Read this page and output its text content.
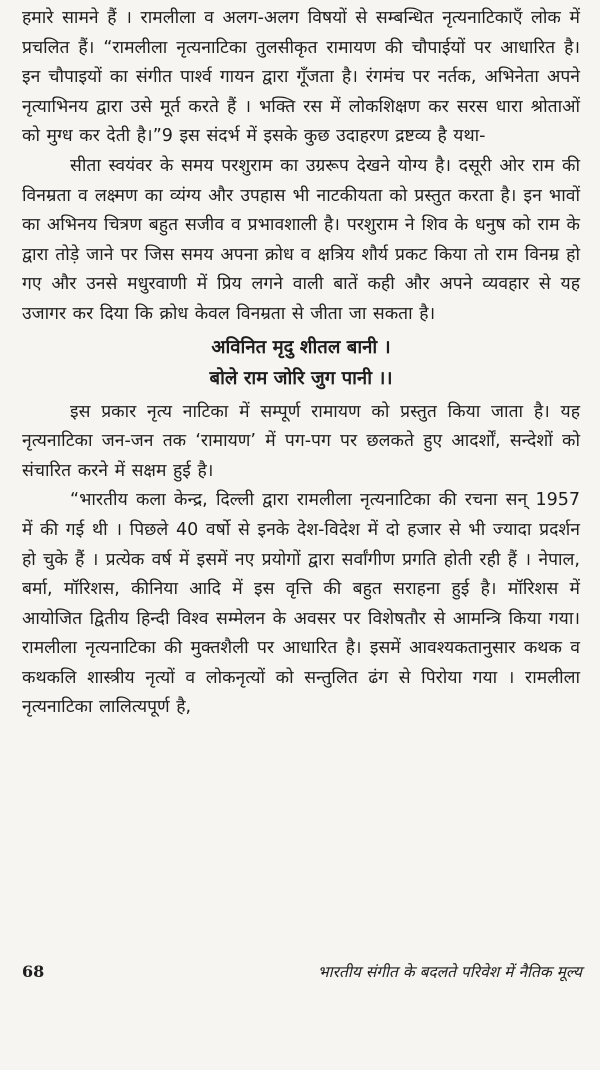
हमारे सामने हैं । रामलीला व अलग-अलग विषयों से सम्बन्धित नृत्यनाटिकाएँ लोक में प्रचलित हैं। “रामलीला नृत्यनाटिका तुलसीकृत रामायण की चौपाईयों पर आधारित है। इन चौपाइयों का संगीत पार्श्व गायन द्वारा गूँजता है। रंगमंच पर नर्तक, अभिनेता अपने नृत्याभिनय द्वारा उसे मूर्त करते हैं । भक्ति रस में लोकशिक्षण कर सरस धारा श्रोताओं को मुग्ध कर देती है।”9 इस संदर्भ में इसके कुछ उदाहरण द्रष्टव्य है यथा-

सीता स्वयंवर के समय परशुराम का उग्ररूप देखने योग्य है। दसूरी ओर राम की विनम्रता व लक्ष्मण का व्यंग्य और उपहास भी नाटकीयता को प्रस्तुत करता है। इन भावों का अभिनय चित्रण बहुत सजीव व प्रभावशाली है। परशुराम ने शिव के धनुष को राम के द्वारा तोड़े जाने पर जिस समय अपना क्रोध व क्षत्रिय शौर्य प्रकट किया तो राम विनम्र हो गए और उनसे मधुरवाणी में प्रिय लगने वाली बातें कही और अपने व्यवहार से यह उजागर कर दिया कि क्रोध केवल विनम्रता से जीता जा सकता है।

अविनित मृदु शीतल बानी ।
बोले राम जोरि जुग पानी ।।

इस प्रकार नृत्य नाटिका में सम्पूर्ण रामायण को प्रस्तुत किया जाता है। यह नृत्यनाटिका जन-जन तक ‘रामायण’ में पग-पग पर छलकते हुए आदर्शों, सन्देशों को संचारित करने में सक्षम हुई है।

“भारतीय कला केन्द्र, दिल्ली द्वारा रामलीला नृत्यनाटिका की रचना सन् 1957 में की गई थी । पिछले 40 वर्षो से इनके देश-विदेश में दो हजार से भी ज्यादा प्रदर्शन हो चुके हैं । प्रत्येक वर्ष में इसमें नए प्रयोगों द्वारा सर्वांगीण प्रगति होती रही हैं । नेपाल, बर्मा, मॉरिशस, कीनिया आदि में इस वृत्ति की बहुत सराहना हुई है। मॉरिशस में आयोजित द्वितीय हिन्दी विश्व सम्मेलन के अवसर पर विशेषतौर से आमन्त्रि किया गया। रामलीला नृत्यनाटिका की मुक्तशैली पर आधारित है। इसमें आवश्यकतानुसार कथक व कथकलि शास्त्रीय नृत्यों व लोकनृत्यों को सन्तुलित ढंग से पिरोया गया । रामलीला नृत्यनाटिका लालित्यपूर्ण है,

68	भारतीय संगीत के बदलते परिवेश में नैतिक मूल्य
